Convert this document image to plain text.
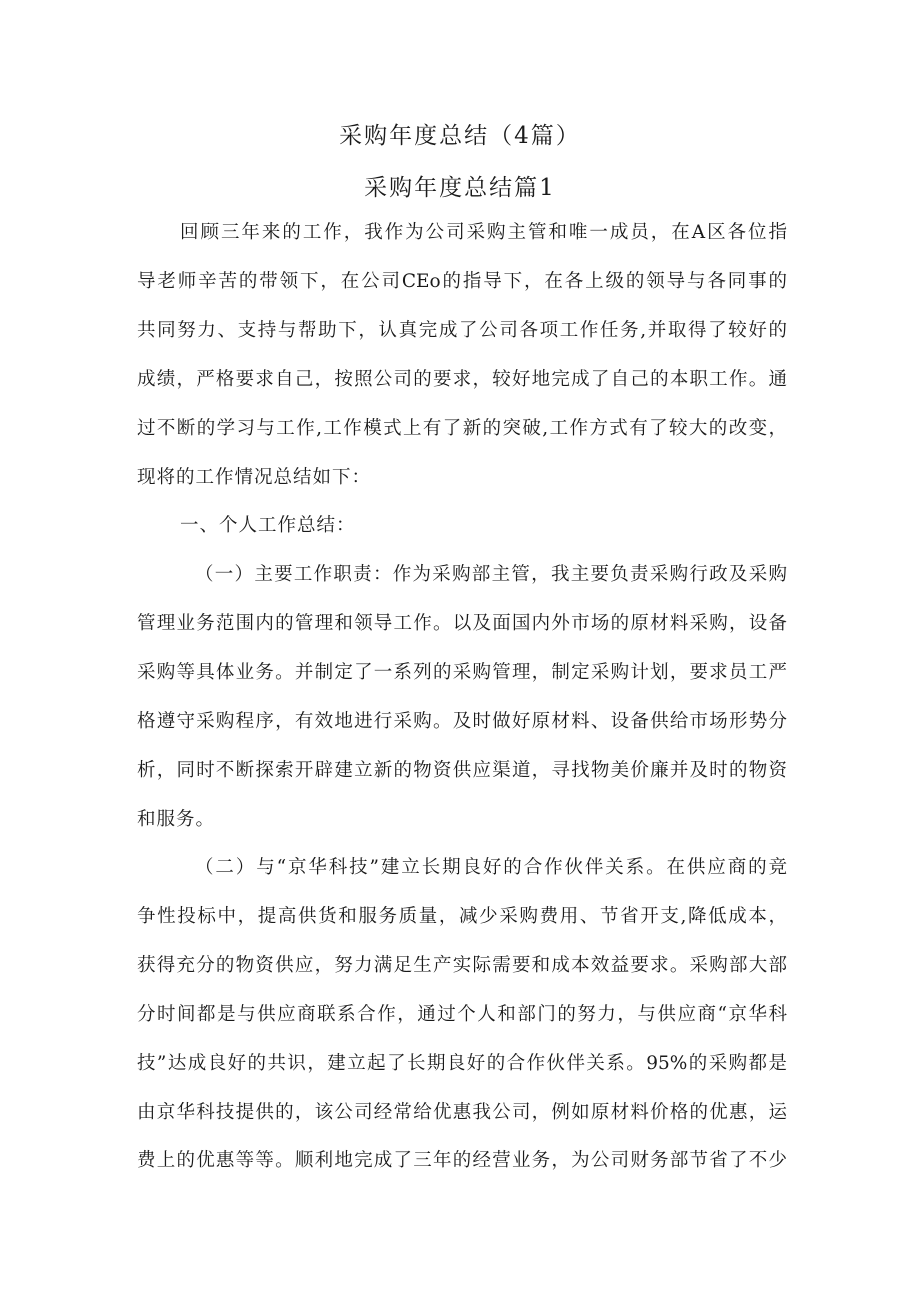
采购年度总结（4篇）
采购年度总结篇1
回顾三年来的工作，我作为公司采购主管和唯一成员，在A区各位指
导老师辛苦的带领下，在公司CEo的指导下，在各上级的领导与各同事的
共同努力、支持与帮助下，认真完成了公司各项工作任务,并取得了较好的
成绩，严格要求自己，按照公司的要求，较好地完成了自己的本职工作。通
过不断的学习与工作,工作模式上有了新的突破,工作方式有了较大的改变，
现将的工作情况总结如下：
一、个人工作总结：
（一）主要工作职责：作为采购部主管，我主要负责采购行政及采购
管理业务范围内的管理和领导工作。以及面国内外市场的原材料采购，设备
采购等具体业务。并制定了一系列的采购管理，制定采购计划，要求员工严
格遵守采购程序，有效地进行采购。及时做好原材料、设备供给市场形势分
析，同时不断探索开辟建立新的物资供应渠道，寻找物美价廉并及时的物资
和服务。
（二）与“京华科技”建立长期良好的合作伙伴关系。在供应商的竞
争性投标中，提高供货和服务质量，减少采购费用、节省开支,降低成本，
获得充分的物资供应，努力满足生产实际需要和成本效益要求。采购部大部
分时间都是与供应商联系合作，通过个人和部门的努力，与供应商“京华科
技”达成良好的共识，建立起了长期良好的合作伙伴关系。95%的采购都是
由京华科技提供的，该公司经常给优惠我公司，例如原材料价格的优惠，运
费上的优惠等等。顺利地完成了三年的经营业务，为公司财务部节省了不少
